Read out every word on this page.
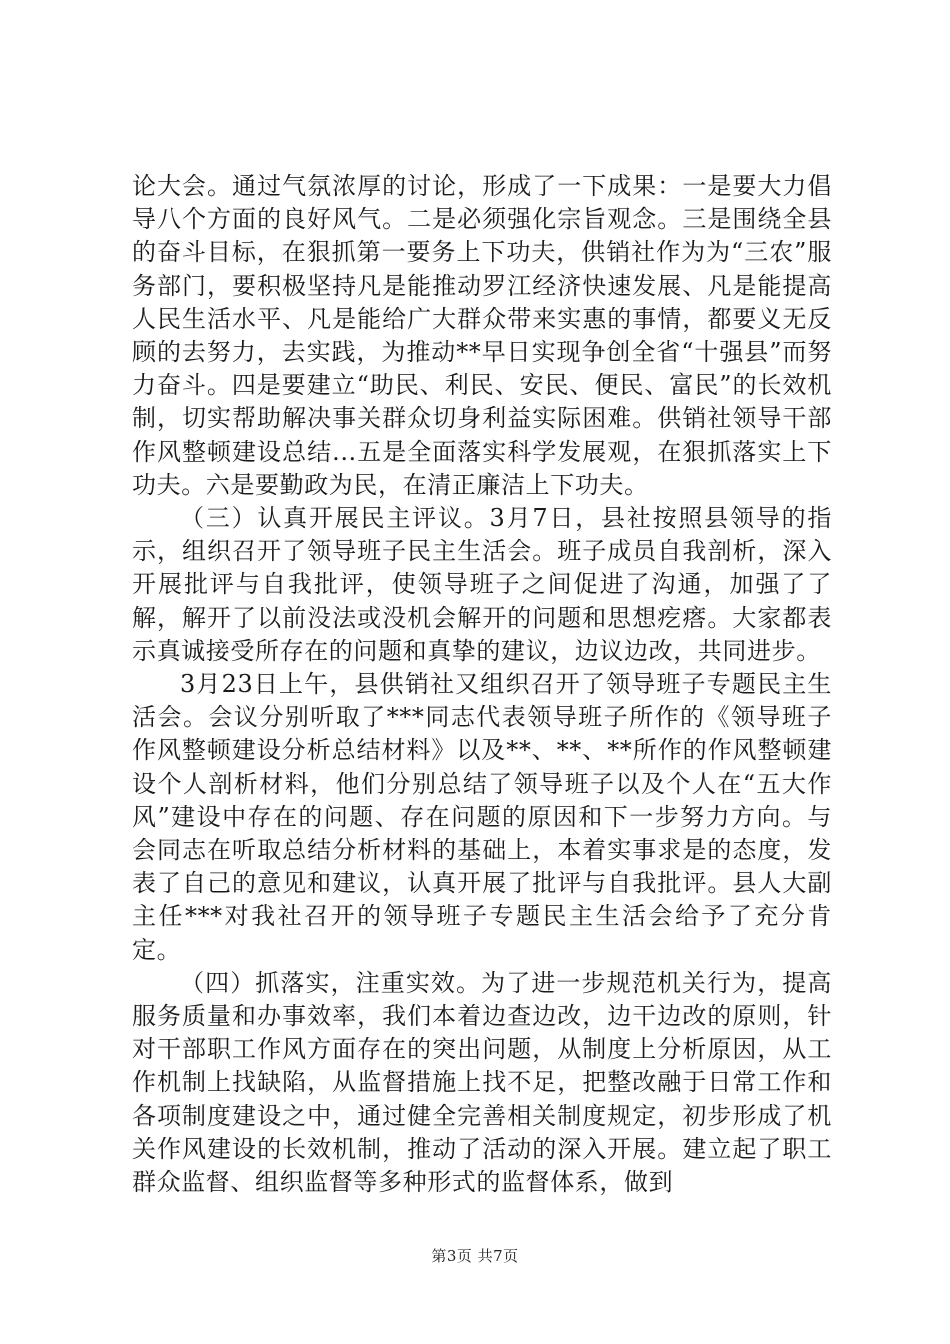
论大会。通过气氛浓厚的讨论，形成了一下成果：一是要大力倡导八个方面的良好风气。二是必须强化宗旨观念。三是围绕全县的奋斗目标，在狠抓第一要务上下功夫，供销社作为为“三农”服务部门，要积极坚持凡是能推动罗江经济快速发展、凡是能提高人民生活水平、凡是能给广大群众带来实惠的事情，都要义无反顾的去努力，去实践，为推动**早日实现争创全省“十强县”而努力奋斗。四是要建立“助民、利民、安民、便民、富民”的长效机制，切实帮助解决事关群众切身利益实际困难。供销社领导干部作风整顿建设总结...五是全面落实科学发展观，在狠抓落实上下功夫。六是要勤政为民，在清正廉洁上下功夫。

（三）认真开展民主评议。3月7日，县社按照县领导的指示，组织召开了领导班子民主生活会。班子成员自我剖析，深入开展批评与自我批评，使领导班子之间促进了沟通，加强了了解，解开了以前没法或没机会解开的问题和思想疙瘩。大家都表示真诚接受所存在的问题和真挚的建议，边议边改，共同进步。

3月23日上午，县供销社又组织召开了领导班子专题民主生活会。会议分别听取了***同志代表领导班子所作的《领导班子作风整顿建设分析总结材料》以及**、**、**所作的作风整顿建设个人剖析材料，他们分别总结了领导班子以及个人在“五大作风”建设中存在的问题、存在问题的原因和下一步努力方向。与会同志在听取总结分析材料的基础上，本着实事求是的态度，发表了自己的意见和建议，认真开展了批评与自我批评。县人大副主任***对我社召开的领导班子专题民主生活会给予了充分肯定。

（四）抓落实，注重实效。为了进一步规范机关行为，提高服务质量和办事效率，我们本着边查边改，边干边改的原则，针对干部职工作风方面存在的突出问题，从制度上分析原因，从工作机制上找缺陷，从监督措施上找不足，把整改融于日常工作和各项制度建设之中，通过健全完善相关制度规定，初步形成了机关作风建设的长效机制，推动了活动的深入开展。建立起了职工群众监督、组织监督等多种形式的监督体系，做到

第3页 共7页
